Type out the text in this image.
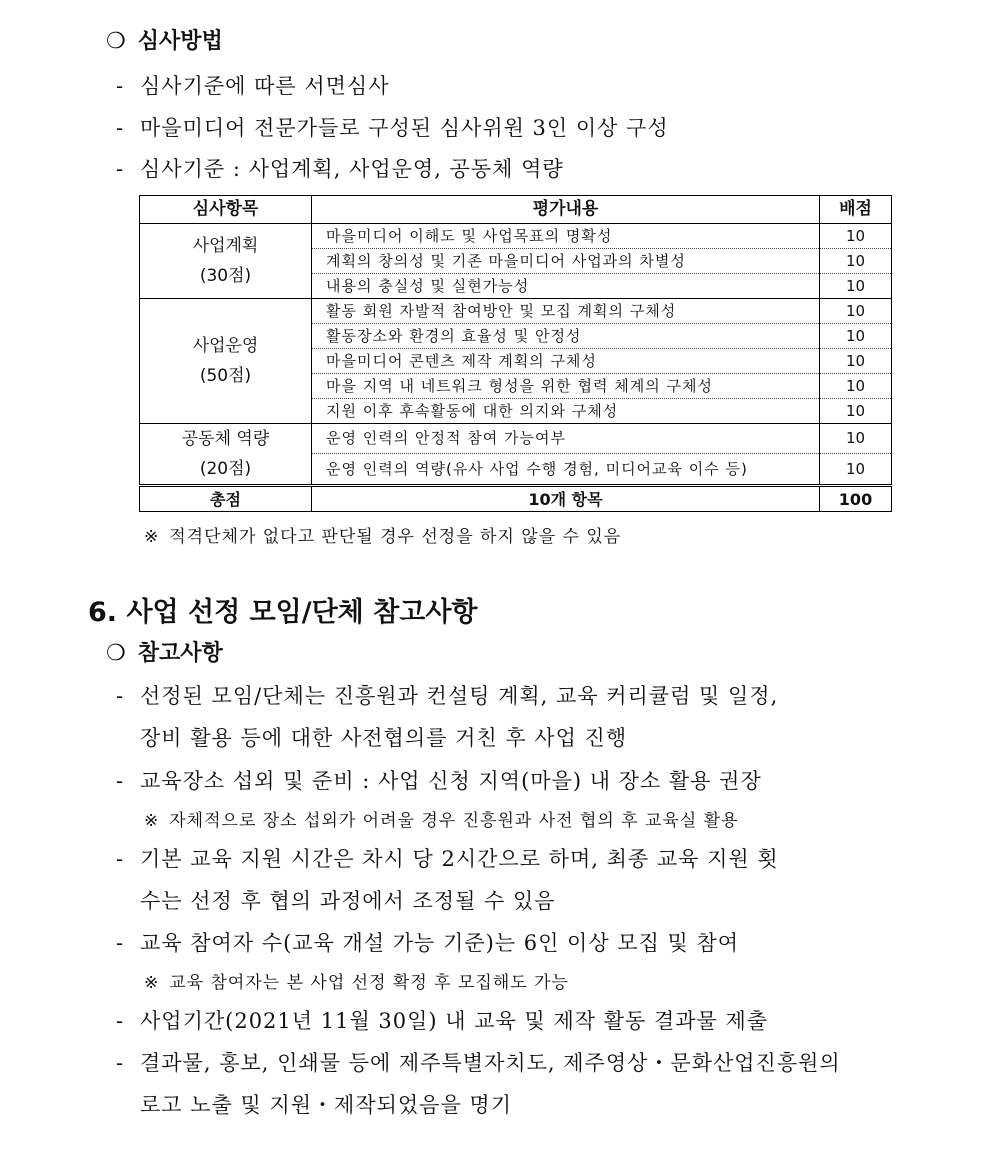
❍ 심사방법
- 심사기준에 따른 서면심사
- 마을미디어 전문가들로 구성된 심사위원 3인 이상 구성
- 심사기준 : 사업계획, 사업운영, 공동체 역량
심사항목	평가내용	배점

사업계획
(30점)	마을미디어 이해도 및 사업목표의 명확성	10
	계획의 창의성 및 기존 마을미디어 사업과의 차별성	10
	내용의 충실성 및 실현가능성	10

사업운영
(50점)	활동 회원 자발적 참여방안 및 모집 계획의 구체성	10
	활동장소와 환경의 효율성 및 안정성	10
	마을미디어 콘텐츠 제작 계획의 구체성	10
	마을 지역 내 네트워크 형성을 위한 협력 체계의 구체성	10
	지원 이후 후속활동에 대한 의지와 구체성	10

공동체 역량
(20점)	운영 인력의 안정적 참여 가능여부	10
	운영 인력의 역량(유사 사업 수행 경험, 미디어교육 이수 등)	10
총점	10개 항목	100
※ 적격단체가 없다고 판단될 경우 선정을 하지 않을 수 있음
6. 사업 선정 모임/단체 참고사항
❍ 참고사항
- 선정된 모임/단체는 진흥원과 컨설팅 계획, 교육 커리큘럼 및 일정,
장비 활용 등에 대한 사전협의를 거친 후 사업 진행
- 교육장소 섭외 및 준비 : 사업 신청 지역(마을) 내 장소 활용 권장
※ 자체적으로 장소 섭외가 어려울 경우 진흥원과 사전 협의 후 교육실 활용
- 기본 교육 지원 시간은 차시 당 2시간으로 하며, 최종 교육 지원 횟
수는 선정 후 협의 과정에서 조정될 수 있음
- 교육 참여자 수(교육 개설 가능 기준)는 6인 이상 모집 및 참여
※ 교육 참여자는 본 사업 선정 확정 후 모집해도 가능
- 사업기간(2021년 11월 30일) 내 교육 및 제작 활동 결과물 제출
- 결과물, 홍보, 인쇄물 등에 제주특별자치도, 제주영상・문화산업진흥원의
로고 노출 및 지원・제작되었음을 명기
